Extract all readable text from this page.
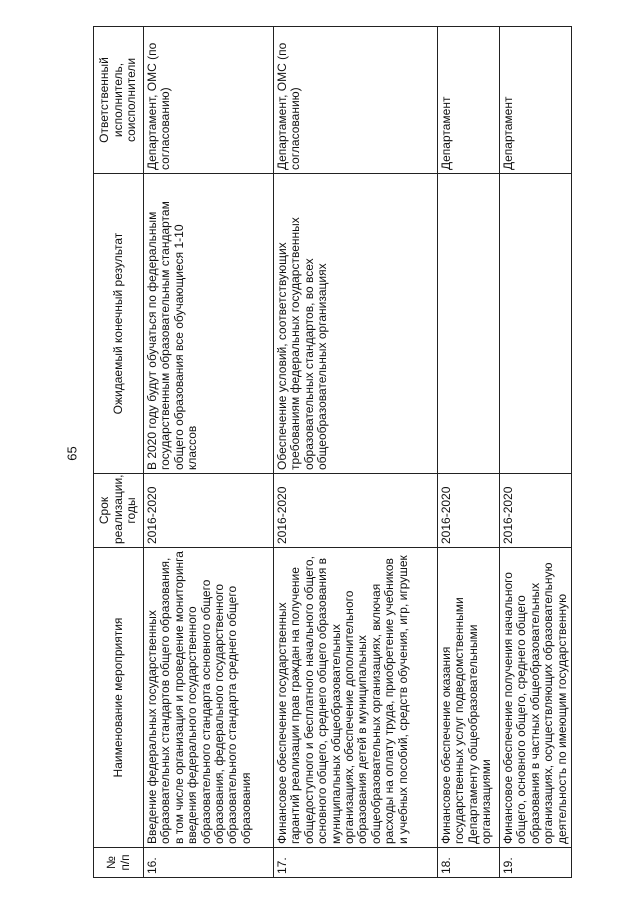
65
№ п/п	Наименование мероприятия	Срок реализации, годы	Ожидаемый конечный результат	Ответственный исполнитель, соисполнители
16.	Введение федеральных государственных образовательных стандартов общего образования, в том числе организация и проведение мониторинга введения федерального государственного образовательного стандарта основного общего образования, федерального государственного образовательного стандарта среднего общего образования	2016-2020	В 2020 году будут обучаться по федеральным государственным образовательным стандартам общего образования все обучающиеся 1-10 классов	Департамент, ОМС (по согласованию)
17.	Финансовое обеспечение государственных гарантий реализации прав граждан на получение общедоступного и бесплатного начального общего, основного общего, среднего общего образования в муниципальных общеобразовательных организациях, обеспечение дополнительного образования детей в муниципальных общеобразовательных организациях, включая расходы на оплату труда, приобретение учебников и учебных пособий, средств обучения, игр, игрушек	2016-2020	Обеспечение условий, соответствующих требованиям федеральных государственных образовательных стандартов, во всех общеобразовательных организациях	Департамент, ОМС (по согласованию)
18.	Финансовое обеспечение оказания государственных услуг подведомственными Департаменту общеобразовательными организациями	2016-2020		Департамент
19.	Финансовое обеспечение получения начального общего, основного общего, среднего общего образования в частных общеобразовательных организациях, осуществляющих образовательную деятельность по имеющим государственную	2016-2020		Департамент
